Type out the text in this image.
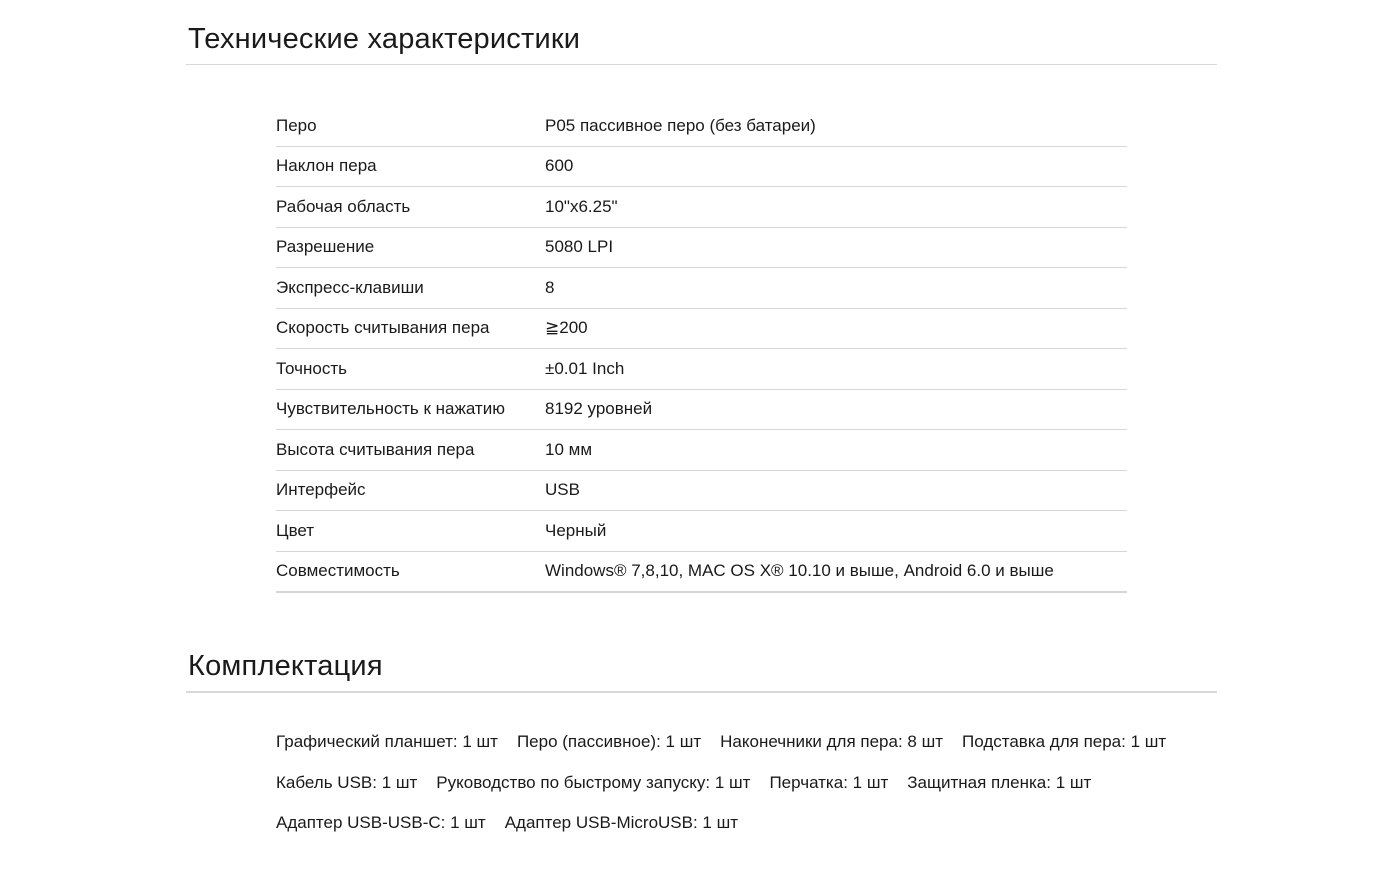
Технические характеристики
Перо	P05 пассивное перо (без батареи)
Наклон пера	600
Рабочая область	10"x6.25"
Разрешение	5080 LPI
Экспресс-клавиши	8
Скорость считывания пера	≧200
Точность	±0.01 Inch
Чувствительность к нажатию	8192 уровней
Высота считывания пера	10 мм
Интерфейс	USB
Цвет	Черный
Совместимость	Windows® 7,8,10, MAC OS X® 10.10 и выше, Android 6.0 и выше
Комплектация
Графический планшет: 1 шт Перо (пассивное): 1 шт Наконечники для пера: 8 шт Подставка для пера: 1 шт
Кабель USB: 1 шт Руководство по быстрому запуску: 1 шт Перчатка: 1 шт Защитная пленка: 1 шт
Адаптер USB-USB-C: 1 шт Адаптер USB-MicroUSB: 1 шт
